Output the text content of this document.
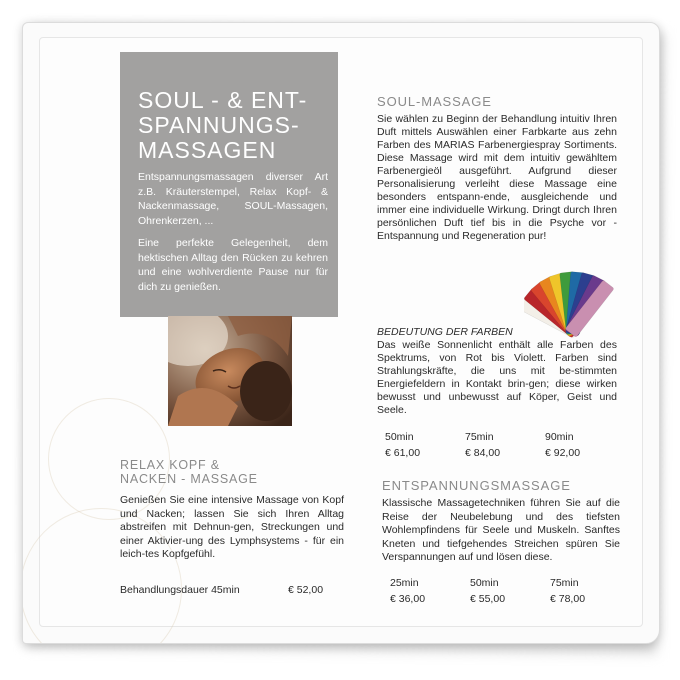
SOUL - & ENT-
SPANNUNGS-
MASSAGEN

Entspannungsmassagen diverser Art z.B. Kräuterstempel, Relax Kopf- & Nackenmassage, SOUL-Massagen, Ohrenkerzen, ...

Eine perfekte Gelegenheit, dem hektischen Alltag den Rücken zu kehren und eine wohlverdiente Pause nur für dich zu genießen.

RELAX KOPF &
NACKEN - MASSAGE

Genießen Sie eine intensive Massage von Kopf und Nacken; lassen Sie sich Ihren Alltag abstreifen mit Dehnun-gen, Streckungen und einer Aktivier-ung des Lymphsystems - für ein leich-tes Kopfgefühl.

Behandlungsdauer 45min	€ 52,00
SOUL-MASSAGE

Sie wählen zu Beginn der Behandlung intuitiv Ihren Duft mittels Auswählen einer Farbkarte aus zehn Farben des MARIAS Farbenergiespray Sortiments. Diese Massage wird mit dem intuitiv gewähltem Farbenergieöl ausgeführt. Aufgrund dieser Personalisierung verleiht diese Massage eine besonders entspann-ende, ausgleichende und immer eine individuelle Wirkung. Dringt durch Ihren persönlichen Duft tief bis in die Psyche vor - Entspannung und Regeneration pur!

BEDEUTUNG DER FARBEN

Das weiße Sonnenlicht enthält alle Farben des Spektrums, von Rot bis Violett. Farben sind Strahlungskräfte, die uns mit be-stimmten Energiefeldern in Kontakt brin-gen; diese wirken bewusst und unbewusst auf Köper, Geist und Seele.

50min	75min	90min
€ 61,00	€ 84,00	€ 92,00
ENTSPANNUNGSMASSAGE

Klassische Massagetechniken führen Sie auf die Reise der Neubelebung und des tiefsten Wohlempfindens für Seele und Muskeln. Sanftes Kneten und tiefgehendes Streichen spüren Sie Verspannungen auf und lösen diese.

25min	50min	75min
€ 36,00	€ 55,00	€ 78,00
